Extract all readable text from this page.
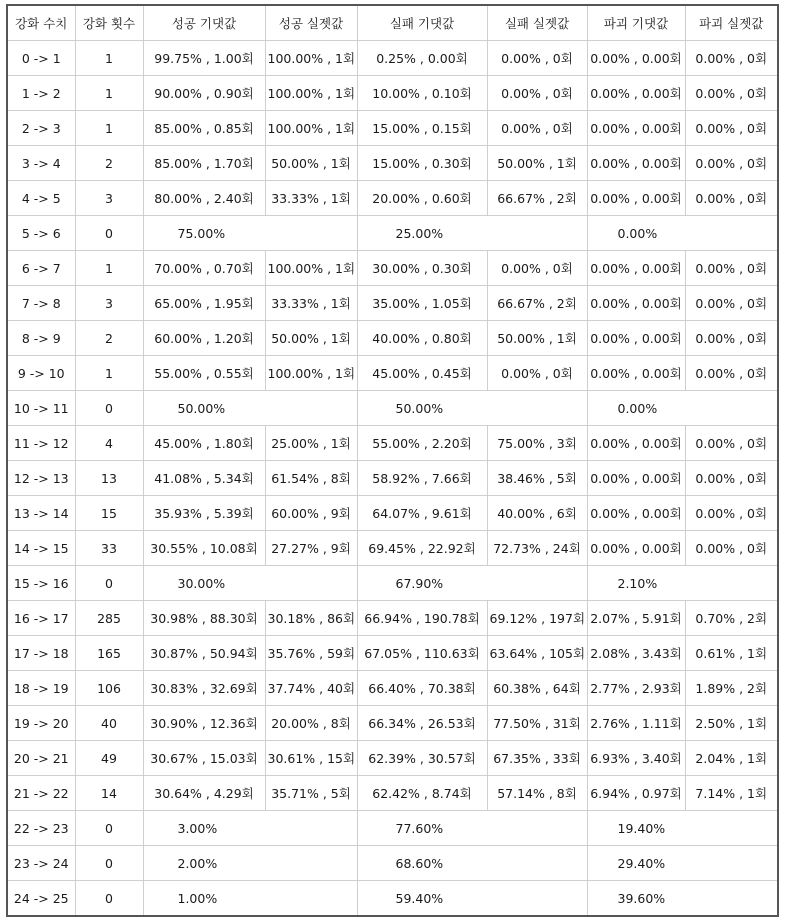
강화 수치	강화 횟수	성공 기댓값	성공 실젯값	실패 기댓값	실패 실젯값	파괴 기댓값	파괴 실젯값
0 -> 1	1	99.75% , 1.00회	100.00% , 1회	0.25% , 0.00회	0.00% , 0회	0.00% , 0.00회	0.00% , 0회
1 -> 2	1	90.00% , 0.90회	100.00% , 1회	10.00% , 0.10회	0.00% , 0회	0.00% , 0.00회	0.00% , 0회
2 -> 3	1	85.00% , 0.85회	100.00% , 1회	15.00% , 0.15회	0.00% , 0회	0.00% , 0.00회	0.00% , 0회
3 -> 4	2	85.00% , 1.70회	50.00% , 1회	15.00% , 0.30회	50.00% , 1회	0.00% , 0.00회	0.00% , 0회
4 -> 5	3	80.00% , 2.40회	33.33% , 1회	20.00% , 0.60회	66.67% , 2회	0.00% , 0.00회	0.00% , 0회
5 -> 6	0	75.00%		25.00%		0.00%	
6 -> 7	1	70.00% , 0.70회	100.00% , 1회	30.00% , 0.30회	0.00% , 0회	0.00% , 0.00회	0.00% , 0회
7 -> 8	3	65.00% , 1.95회	33.33% , 1회	35.00% , 1.05회	66.67% , 2회	0.00% , 0.00회	0.00% , 0회
8 -> 9	2	60.00% , 1.20회	50.00% , 1회	40.00% , 0.80회	50.00% , 1회	0.00% , 0.00회	0.00% , 0회
9 -> 10	1	55.00% , 0.55회	100.00% , 1회	45.00% , 0.45회	0.00% , 0회	0.00% , 0.00회	0.00% , 0회
10 -> 11	0	50.00%		50.00%		0.00%	
11 -> 12	4	45.00% , 1.80회	25.00% , 1회	55.00% , 2.20회	75.00% , 3회	0.00% , 0.00회	0.00% , 0회
12 -> 13	13	41.08% , 5.34회	61.54% , 8회	58.92% , 7.66회	38.46% , 5회	0.00% , 0.00회	0.00% , 0회
13 -> 14	15	35.93% , 5.39회	60.00% , 9회	64.07% , 9.61회	40.00% , 6회	0.00% , 0.00회	0.00% , 0회
14 -> 15	33	30.55% , 10.08회	27.27% , 9회	69.45% , 22.92회	72.73% , 24회	0.00% , 0.00회	0.00% , 0회
15 -> 16	0	30.00%		67.90%		2.10%	
16 -> 17	285	30.98% , 88.30회	30.18% , 86회	66.94% , 190.78회	69.12% , 197회	2.07% , 5.91회	0.70% , 2회
17 -> 18	165	30.87% , 50.94회	35.76% , 59회	67.05% , 110.63회	63.64% , 105회	2.08% , 3.43회	0.61% , 1회
18 -> 19	106	30.83% , 32.69회	37.74% , 40회	66.40% , 70.38회	60.38% , 64회	2.77% , 2.93회	1.89% , 2회
19 -> 20	40	30.90% , 12.36회	20.00% , 8회	66.34% , 26.53회	77.50% , 31회	2.76% , 1.11회	2.50% , 1회
20 -> 21	49	30.67% , 15.03회	30.61% , 15회	62.39% , 30.57회	67.35% , 33회	6.93% , 3.40회	2.04% , 1회
21 -> 22	14	30.64% , 4.29회	35.71% , 5회	62.42% , 8.74회	57.14% , 8회	6.94% , 0.97회	7.14% , 1회
22 -> 23	0	3.00%		77.60%		19.40%	
23 -> 24	0	2.00%		68.60%		29.40%	
24 -> 25	0	1.00%		59.40%		39.60%	
